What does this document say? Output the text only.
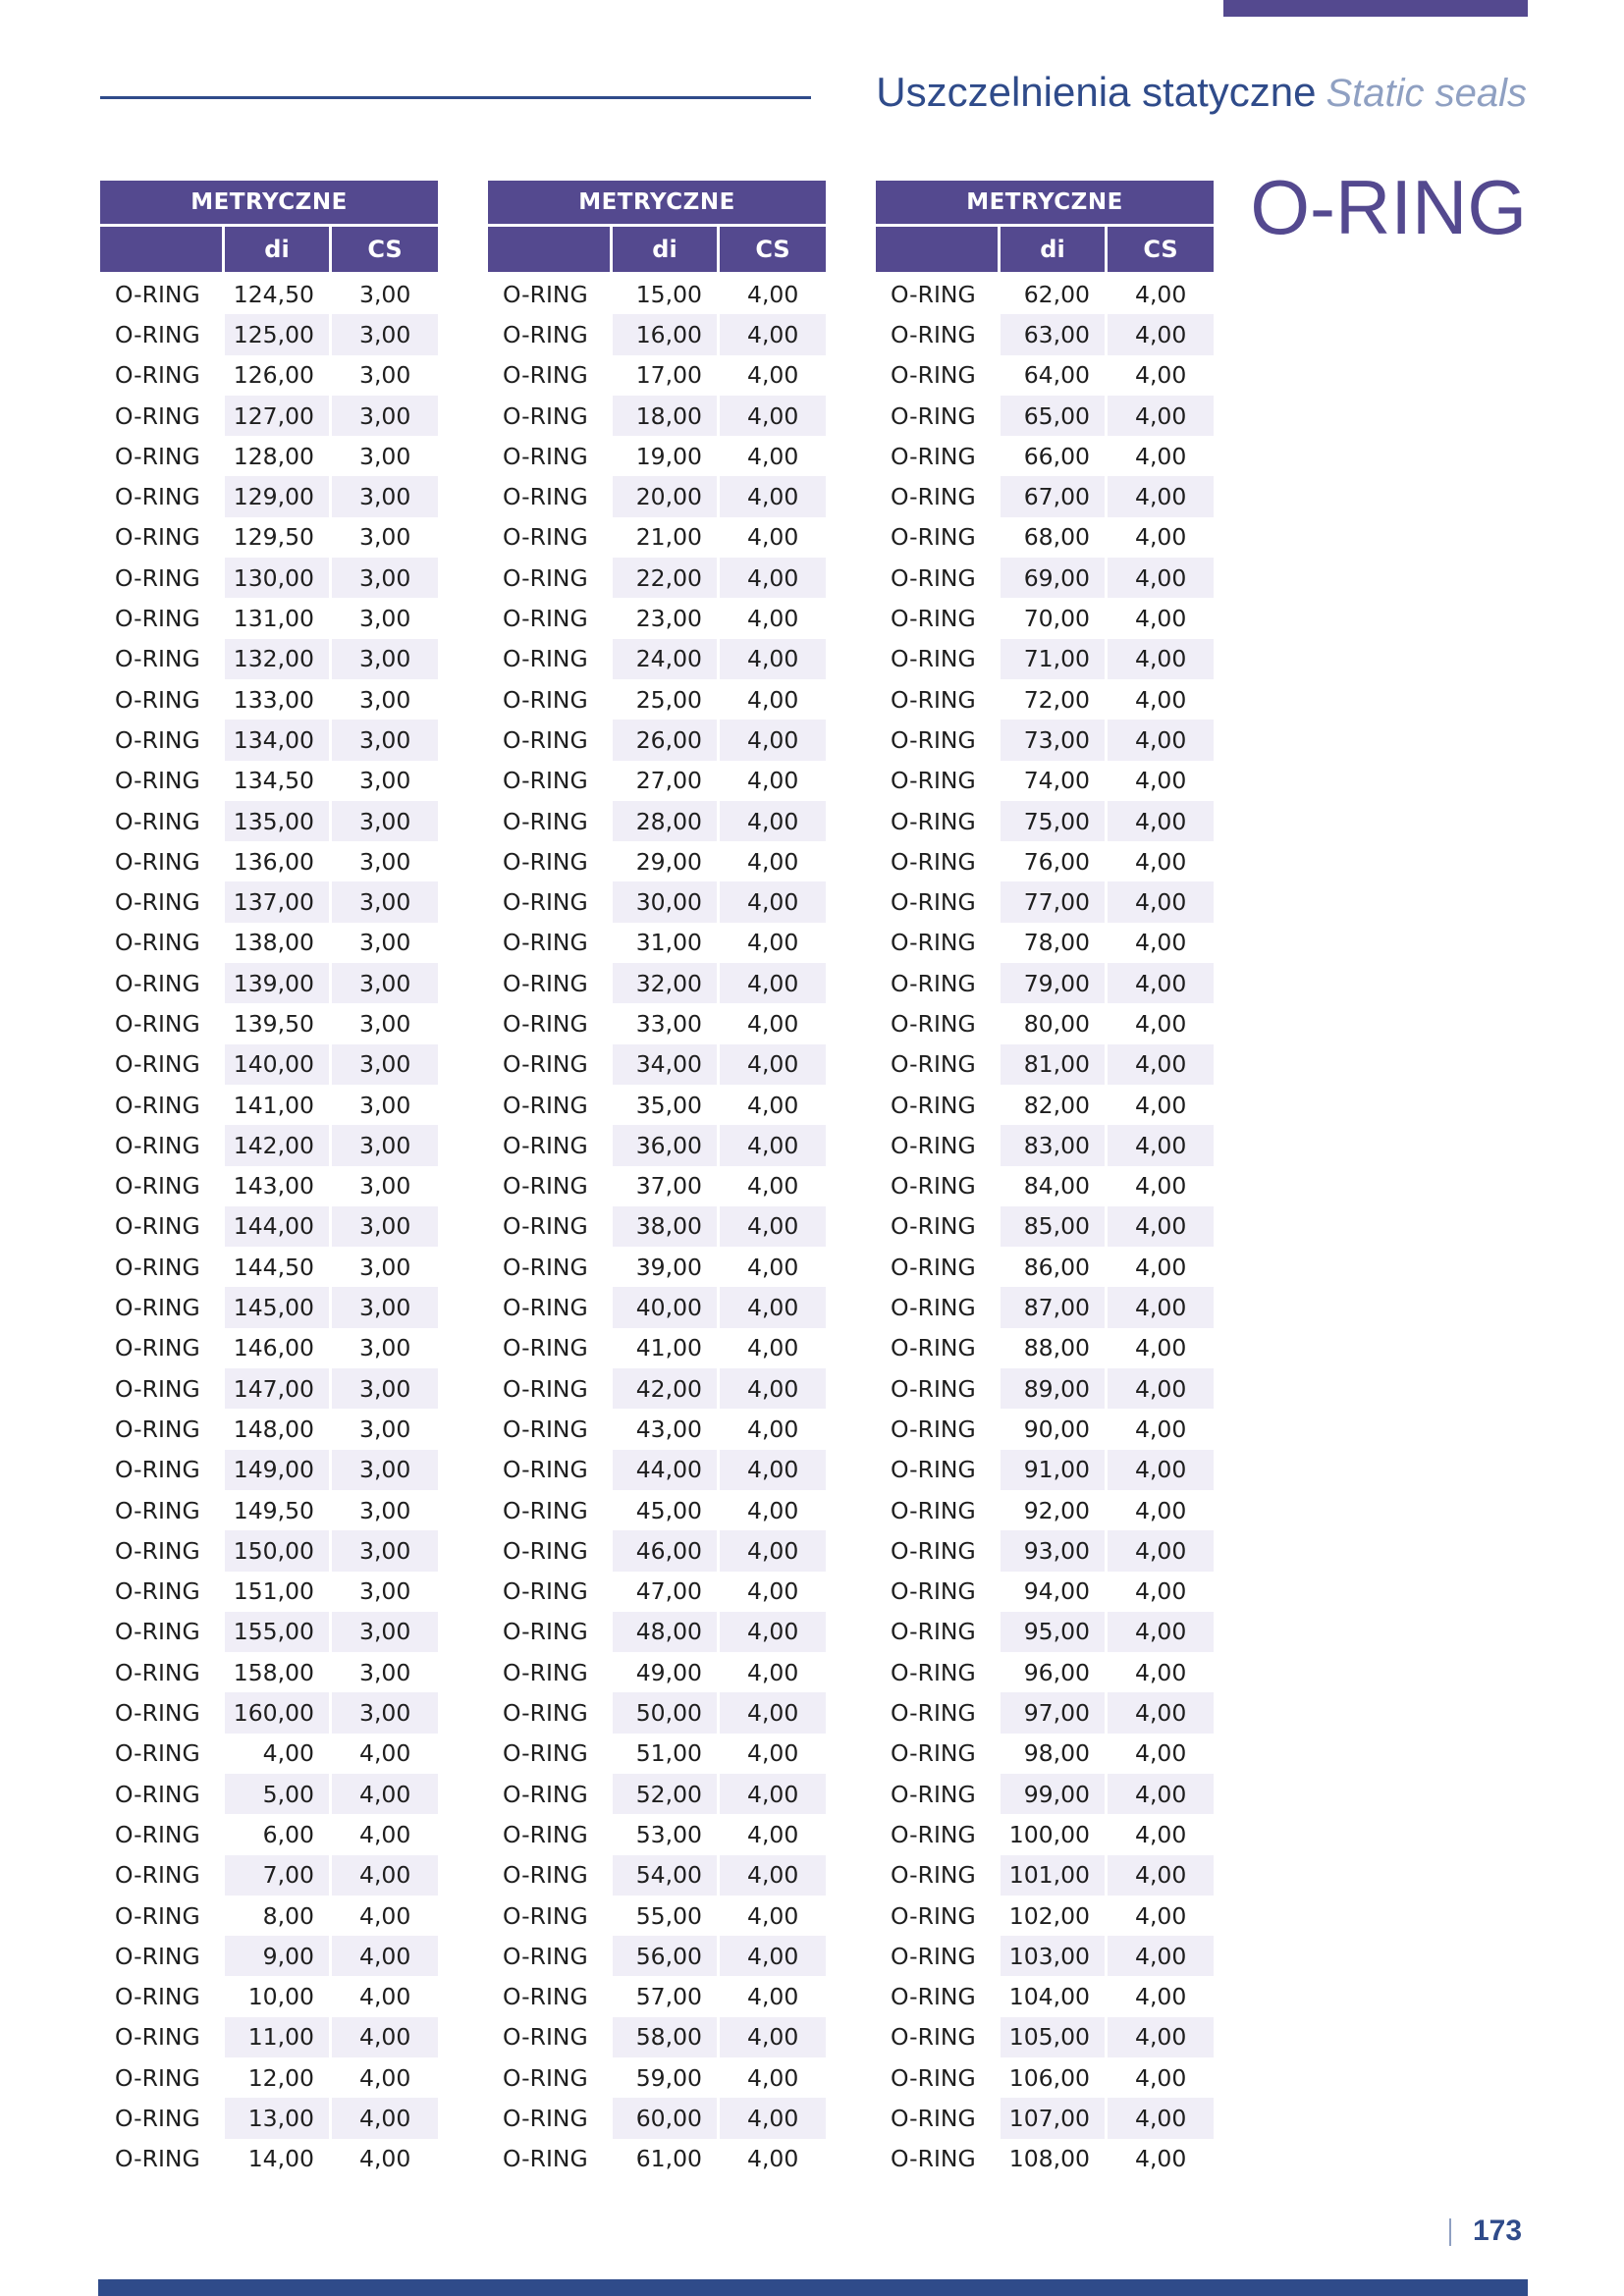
Uszczelnienia statyczne Static seals
O-RING
METRYCZNE
di	CS
O-RING	124,50	3,00
O-RING	125,00	3,00
O-RING	126,00	3,00
O-RING	127,00	3,00
O-RING	128,00	3,00
O-RING	129,00	3,00
O-RING	129,50	3,00
O-RING	130,00	3,00
O-RING	131,00	3,00
O-RING	132,00	3,00
O-RING	133,00	3,00
O-RING	134,00	3,00
O-RING	134,50	3,00
O-RING	135,00	3,00
O-RING	136,00	3,00
O-RING	137,00	3,00
O-RING	138,00	3,00
O-RING	139,00	3,00
O-RING	139,50	3,00
O-RING	140,00	3,00
O-RING	141,00	3,00
O-RING	142,00	3,00
O-RING	143,00	3,00
O-RING	144,00	3,00
O-RING	144,50	3,00
O-RING	145,00	3,00
O-RING	146,00	3,00
O-RING	147,00	3,00
O-RING	148,00	3,00
O-RING	149,00	3,00
O-RING	149,50	3,00
O-RING	150,00	3,00
O-RING	151,00	3,00
O-RING	155,00	3,00
O-RING	158,00	3,00
O-RING	160,00	3,00
O-RING	4,00	4,00
O-RING	5,00	4,00
O-RING	6,00	4,00
O-RING	7,00	4,00
O-RING	8,00	4,00
O-RING	9,00	4,00
O-RING	10,00	4,00
O-RING	11,00	4,00
O-RING	12,00	4,00
O-RING	13,00	4,00
O-RING	14,00	4,00
METRYCZNE
di	CS
O-RING	15,00	4,00
O-RING	16,00	4,00
O-RING	17,00	4,00
O-RING	18,00	4,00
O-RING	19,00	4,00
O-RING	20,00	4,00
O-RING	21,00	4,00
O-RING	22,00	4,00
O-RING	23,00	4,00
O-RING	24,00	4,00
O-RING	25,00	4,00
O-RING	26,00	4,00
O-RING	27,00	4,00
O-RING	28,00	4,00
O-RING	29,00	4,00
O-RING	30,00	4,00
O-RING	31,00	4,00
O-RING	32,00	4,00
O-RING	33,00	4,00
O-RING	34,00	4,00
O-RING	35,00	4,00
O-RING	36,00	4,00
O-RING	37,00	4,00
O-RING	38,00	4,00
O-RING	39,00	4,00
O-RING	40,00	4,00
O-RING	41,00	4,00
O-RING	42,00	4,00
O-RING	43,00	4,00
O-RING	44,00	4,00
O-RING	45,00	4,00
O-RING	46,00	4,00
O-RING	47,00	4,00
O-RING	48,00	4,00
O-RING	49,00	4,00
O-RING	50,00	4,00
O-RING	51,00	4,00
O-RING	52,00	4,00
O-RING	53,00	4,00
O-RING	54,00	4,00
O-RING	55,00	4,00
O-RING	56,00	4,00
O-RING	57,00	4,00
O-RING	58,00	4,00
O-RING	59,00	4,00
O-RING	60,00	4,00
O-RING	61,00	4,00
METRYCZNE
di	CS
O-RING	62,00	4,00
O-RING	63,00	4,00
O-RING	64,00	4,00
O-RING	65,00	4,00
O-RING	66,00	4,00
O-RING	67,00	4,00
O-RING	68,00	4,00
O-RING	69,00	4,00
O-RING	70,00	4,00
O-RING	71,00	4,00
O-RING	72,00	4,00
O-RING	73,00	4,00
O-RING	74,00	4,00
O-RING	75,00	4,00
O-RING	76,00	4,00
O-RING	77,00	4,00
O-RING	78,00	4,00
O-RING	79,00	4,00
O-RING	80,00	4,00
O-RING	81,00	4,00
O-RING	82,00	4,00
O-RING	83,00	4,00
O-RING	84,00	4,00
O-RING	85,00	4,00
O-RING	86,00	4,00
O-RING	87,00	4,00
O-RING	88,00	4,00
O-RING	89,00	4,00
O-RING	90,00	4,00
O-RING	91,00	4,00
O-RING	92,00	4,00
O-RING	93,00	4,00
O-RING	94,00	4,00
O-RING	95,00	4,00
O-RING	96,00	4,00
O-RING	97,00	4,00
O-RING	98,00	4,00
O-RING	99,00	4,00
O-RING	100,00	4,00
O-RING	101,00	4,00
O-RING	102,00	4,00
O-RING	103,00	4,00
O-RING	104,00	4,00
O-RING	105,00	4,00
O-RING	106,00	4,00
O-RING	107,00	4,00
O-RING	108,00	4,00
173
